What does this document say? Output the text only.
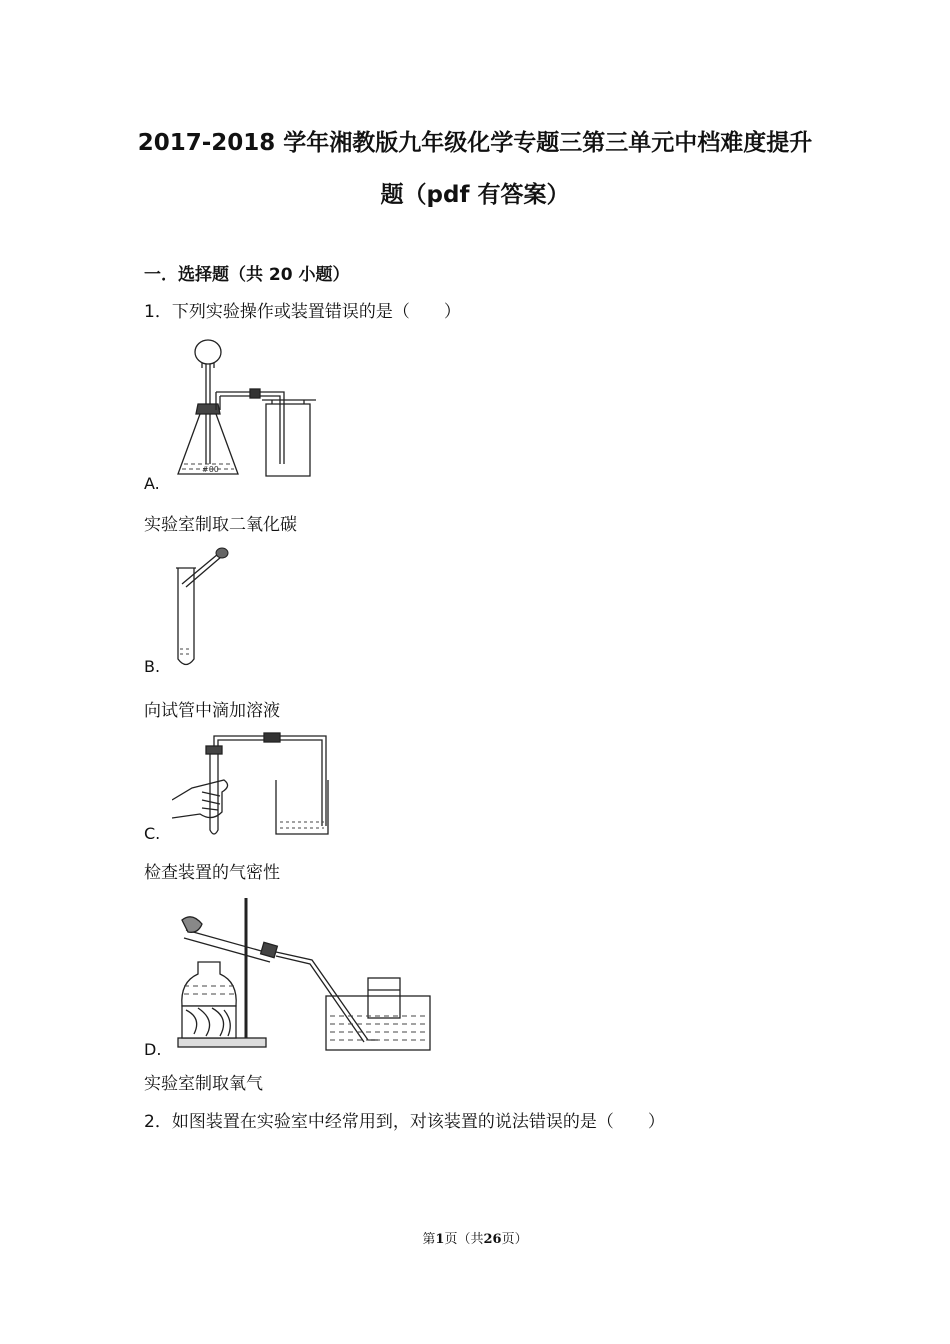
2017-2018 学年湘教版九年级化学专题三第三单元中档难度提升
题（pdf 有答案）
一．选择题（共 20 小题）
1．下列实验操作或装置错误的是（　　）
#00
A.
实验室制取二氧化碳
B.
向试管中滴加溶液
C.
检查装置的气密性
D.
实验室制取氧气
2．如图装置在实验室中经常用到，对该装置的说法错误的是（　　）
第1页（共26页）
